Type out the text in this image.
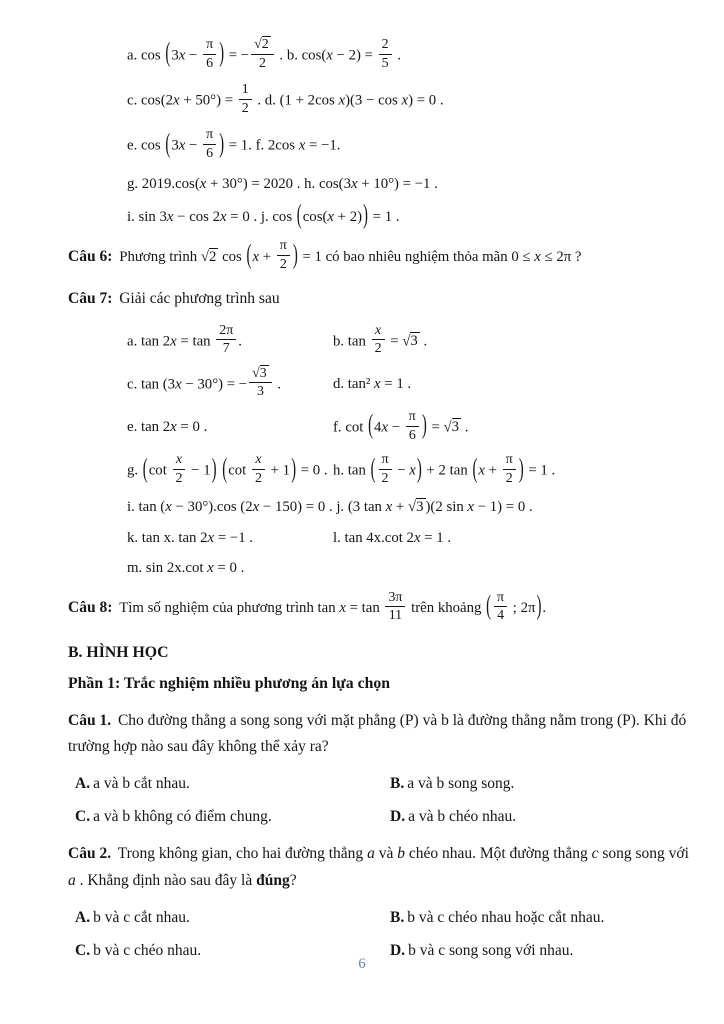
a. $\cos (3x - \frac{\pi}{6}$ ) = − $\frac{√2}{2}$ . b. $\cos(x - 2) = \frac{2}{5}$ .
c. $\cos(2x + 50^\circ) = \frac{1}{2}$ . d. (1 + 2cos x)(3 − cos x) = 0 .
e. $\cos (3x - \frac{\pi}{6}$ ) = 1. f. 2cos x = −1.
g. 2019.cos(x + 30°) = 2020 . h. cos(3x + 10°) = −1 .
i. sin 3x − cos 2x = 0 . j. cos (cos(x + 2)) = 1 .
Câu 6: Phương trình √2 $\cos (x + \frac{\pi}{2}$ ) = 1 có bao nhiêu nghiệm thỏa mãn 0 ≤ x ≤ 2π ?
Câu 7: Giải các phương trình sau
a. $\tan 2x = \tan \frac{2\pi}{7}$ .	b. $\tan \frac{x}{2} = √3$ .
c. tan (3x − 30°) = − $\frac{√3}{3}$ .	d. tan² x = 1 .
e. tan 2x = 0 .	f. $\cot (4x - \frac{\pi}{6}$ ) = √3 .
g. $(\cot \frac{x}{2} - 1)$ $(\cot \frac{x}{2} + 1) = 0$ . h. tan ( $\frac{\pi}{2} - x) + 2$ $\tan (x + \frac{\pi}{2}$ ) = 1 .
i. tan (x − 30°).cos (2x − 150) = 0 . j. (3 tan x + √3 )(2 sin x − 1) = 0 .
k. tan x. tan 2x = −1 .	l. tan 4x.cot 2x = 1 .
m. sin 2x.cot x = 0 .
Câu 8: Tìm số nghiệm của phương trình $\tan x = \tan \frac{3\pi}{11}$ trên khoảng ( $\frac{\pi}{4}$ ; 2π).
B. HÌNH HỌC
Phần 1: Trắc nghiệm nhiều phương án lựa chọn
Câu 1. Cho đường thẳng a song song với mặt phẳng (P) và b là đường thẳng nằm trong (P). Khi đó trường hợp nào sau đây không thể xảy ra?
A. a và b cắt nhau.	B. a và b song song.
C. a và b không có điểm chung.	D. a và b chéo nhau.
Câu 2. Trong không gian, cho hai đường thẳng a và b chéo nhau. Một đường thẳng c song song với a . Khẳng định nào sau đây là đúng?
A. b và c cắt nhau.	B. b và c chéo nhau hoặc cắt nhau.
C. b và c chéo nhau.	D. b và c song song với nhau.
6
